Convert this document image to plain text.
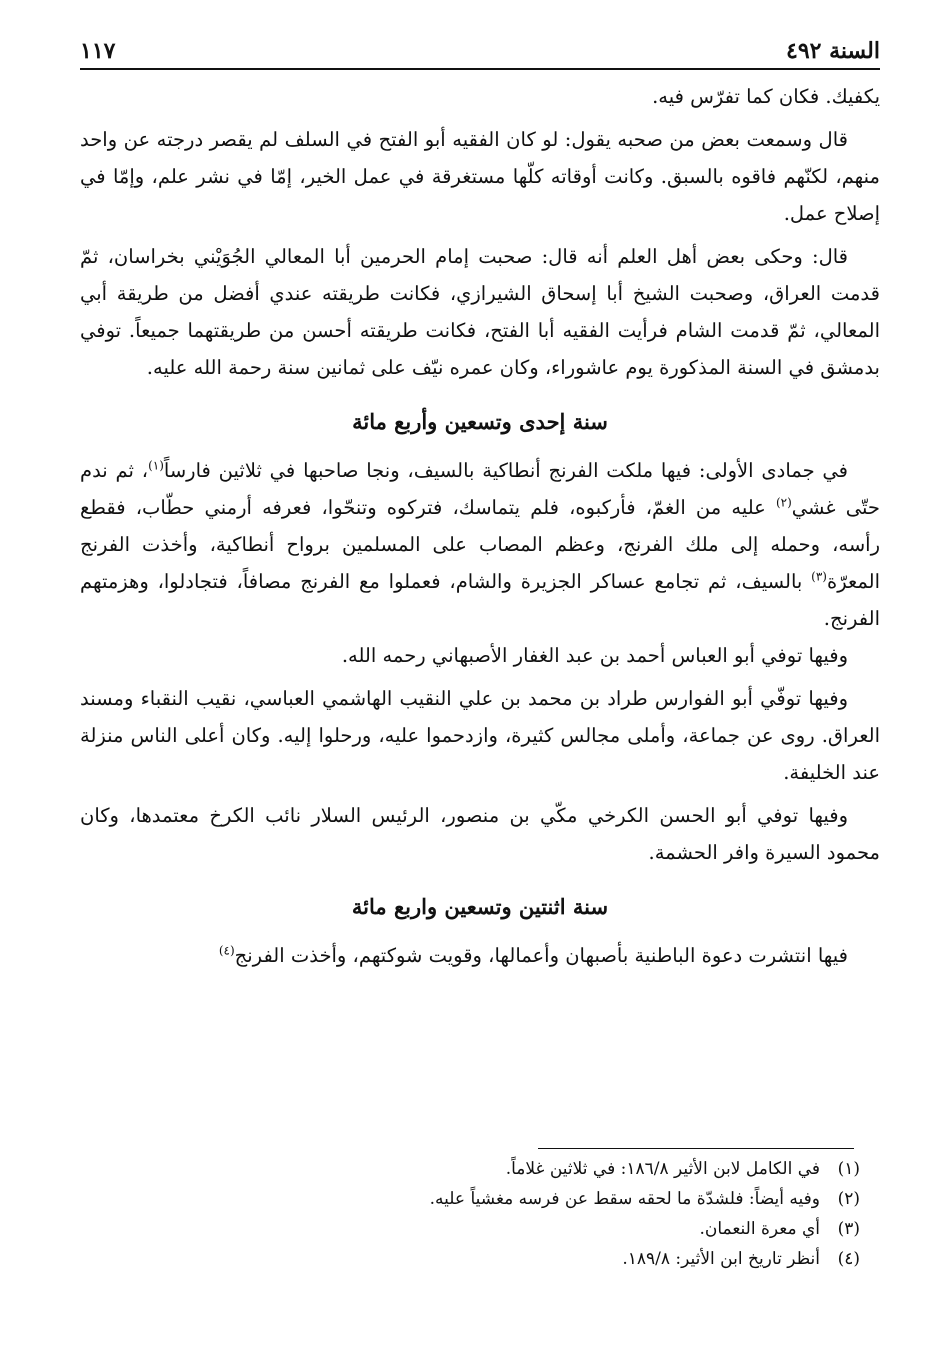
السنة ٤٩٢
١١٧

يكفيك. فكان كما تفرّس فيه.

قال وسمعت بعض من صحبه يقول: لو كان الفقيه أبو الفتح في السلف لم يقصر درجته عن واحد منهم، لكنّهم فاقوه بالسبق. وكانت أوقاته كلّها مستغرقة في عمل الخير، إمّا في نشر علم، وإمّا في إصلاح عمل.

قال: وحكى بعض أهل العلم أنه قال: صحبت إمام الحرمين أبا المعالي الجُوَيْني بخراسان، ثمّ قدمت العراق، وصحبت الشيخ أبا إسحاق الشيرازي، فكانت طريقته عندي أفضل من طريقة أبي المعالي، ثمّ قدمت الشام فرأيت الفقيه أبا الفتح، فكانت طريقته أحسن من طريقتهما جميعاً. توفي بدمشق في السنة المذكورة يوم عاشوراء، وكان عمره نيّف على ثمانين سنة رحمة الله عليه.

سنة إحدى وتسعين وأربع مائة

في جمادى الأولى: فيها ملكت الفرنج أنطاكية بالسيف، ونجا صاحبها في ثلاثين فارساً$^{(١)}$، ثم ندم حتّى غشي$^{(٢)}$ عليه من الغمّ، فأركبوه، فلم يتماسك، فتركوه وتنحّوا، فعرفه أرمني حطّاب، فقطع رأسه، وحمله إلى ملك الفرنج، وعظم المصاب على المسلمين برواح أنطاكية، وأخذت الفرنج المعرّة$^{(٣)}$ بالسيف، ثم تجامع عساكر الجزيرة والشام، فعملوا مع الفرنج مصافاً، فتجادلوا، وهزمتهم الفرنج.

وفيها توفي أبو العباس أحمد بن عبد الغفار الأصبهاني رحمه الله.

وفيها توفّي أبو الفوارس طراد بن محمد بن علي النقيب الهاشمي العباسي، نقيب النقباء ومسند العراق. روى عن جماعة، وأملى مجالس كثيرة، وازدحموا عليه، ورحلوا إليه. وكان أعلى الناس منزلة عند الخليفة.

وفيها توفي أبو الحسن الكرخي مكّي بن منصور، الرئيس السلار نائب الكرخ معتمدها، وكان محمود السيرة وافر الحشمة.

سنة اثنتين وتسعين واربع مائة

فيها انتشرت دعوة الباطنية بأصبهان وأعمالها، وقويت شوكتهم، وأخذت الفرنج$^{(٤)}$

(١)
في الكامل لابن الأثير ١٨٦/٨: في ثلاثين غلاماً.
(٢)
وفيه أيضاً: فلشدّة ما لحقه سقط عن فرسه مغشياً عليه.
(٣)
أي معرة النعمان.
(٤)
أنظر تاريخ ابن الأثير: ١٨٩/٨.
